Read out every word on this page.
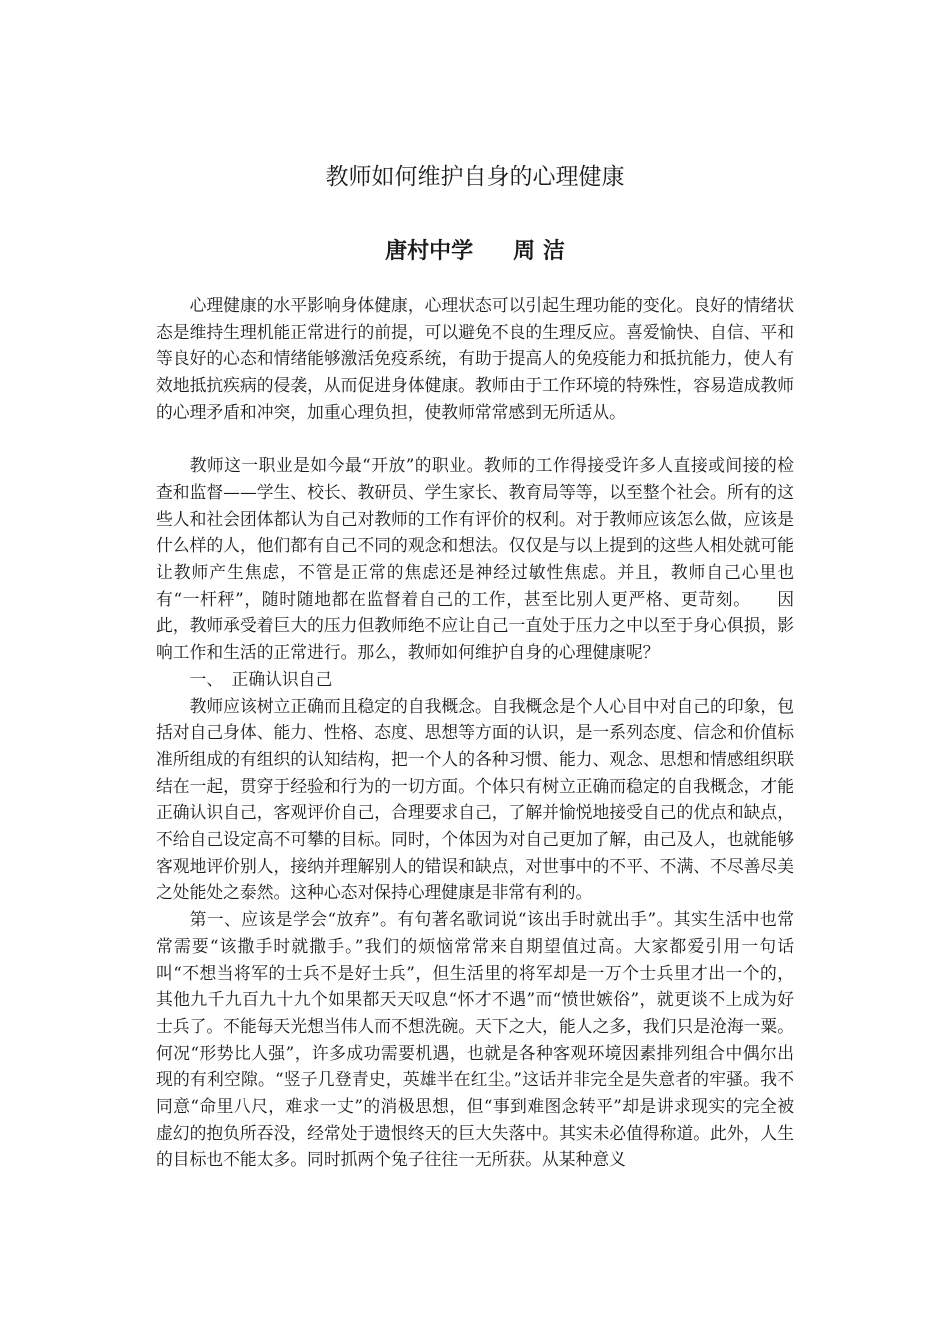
教师如何维护自身的心理健康
唐村中学 周 洁

心理健康的水平影响身体健康，心理状态可以引起生理功能的变化。良好的情绪状态是维持生理机能正常进行的前提，可以避免不良的生理反应。喜爱愉快、自信、平和等良好的心态和情绪能够激活免疫系统，有助于提高人的免疫能力和抵抗能力，使人有效地抵抗疾病的侵袭，从而促进身体健康。教师由于工作环境的特殊性，容易造成教师的心理矛盾和冲突，加重心理负担，使教师常常感到无所适从。

教师这一职业是如今最“开放”的职业。教师的工作得接受许多人直接或间接的检查和监督——学生、校长、教研员、学生家长、教育局等等，以至整个社会。所有的这些人和社会团体都认为自己对教师的工作有评价的权利。对于教师应该怎么做，应该是什么样的人，他们都有自己不同的观念和想法。仅仅是与以上提到的这些人相处就可能让教师产生焦虑，不管是正常的焦虑还是神经过敏性焦虑。并且，教师自己心里也有“一杆秤”，随时随地都在监督着自己的工作，甚至比别人更严格、更苛刻。　　因此，教师承受着巨大的压力但教师绝不应让自己一直处于压力之中以至于身心俱损，影响工作和生活的正常进行。那么，教师如何维护自身的心理健康呢？

一、　正确认识自己

教师应该树立正确而且稳定的自我概念。自我概念是个人心目中对自己的印象，包括对自己身体、能力、性格、态度、思想等方面的认识，是一系列态度、信念和价值标准所组成的有组织的认知结构，把一个人的各种习惯、能力、观念、思想和情感组织联结在一起，贯穿于经验和行为的一切方面。个体只有树立正确而稳定的自我概念，才能正确认识自己，客观评价自己，合理要求自己，了解并愉悦地接受自己的优点和缺点，不给自己设定高不可攀的目标。同时，个体因为对自己更加了解，由己及人，也就能够客观地评价别人，接纳并理解别人的错误和缺点，对世事中的不平、不满、不尽善尽美之处能处之泰然。这种心态对保持心理健康是非常有利的。

第一、应该是学会“放弃”。有句著名歌词说“该出手时就出手”。其实生活中也常常需要“该撒手时就撒手。”我们的烦恼常常来自期望值过高。大家都爱引用一句话叫“不想当将军的士兵不是好士兵”，但生活里的将军却是一万个士兵里才出一个的，其他九千九百九十九个如果都天天叹息“怀才不遇”而“愤世嫉俗”，就更谈不上成为好士兵了。不能每天光想当伟人而不想洗碗。天下之大，能人之多，我们只是沧海一粟。何况“形势比人强”，许多成功需要机遇，也就是各种客观环境因素排列组合中偶尔出现的有利空隙。“竖子几登青史，英雄半在红尘。”这话并非完全是失意者的牢骚。我不同意“命里八尺，难求一丈”的消极思想，但“事到难图念转平”却是讲求现实的完全被虚幻的抱负所吞没，经常处于遗恨终天的巨大失落中。其实未必值得称道。此外，人生的目标也不能太多。同时抓两个兔子往往一无所获。从某种意义
